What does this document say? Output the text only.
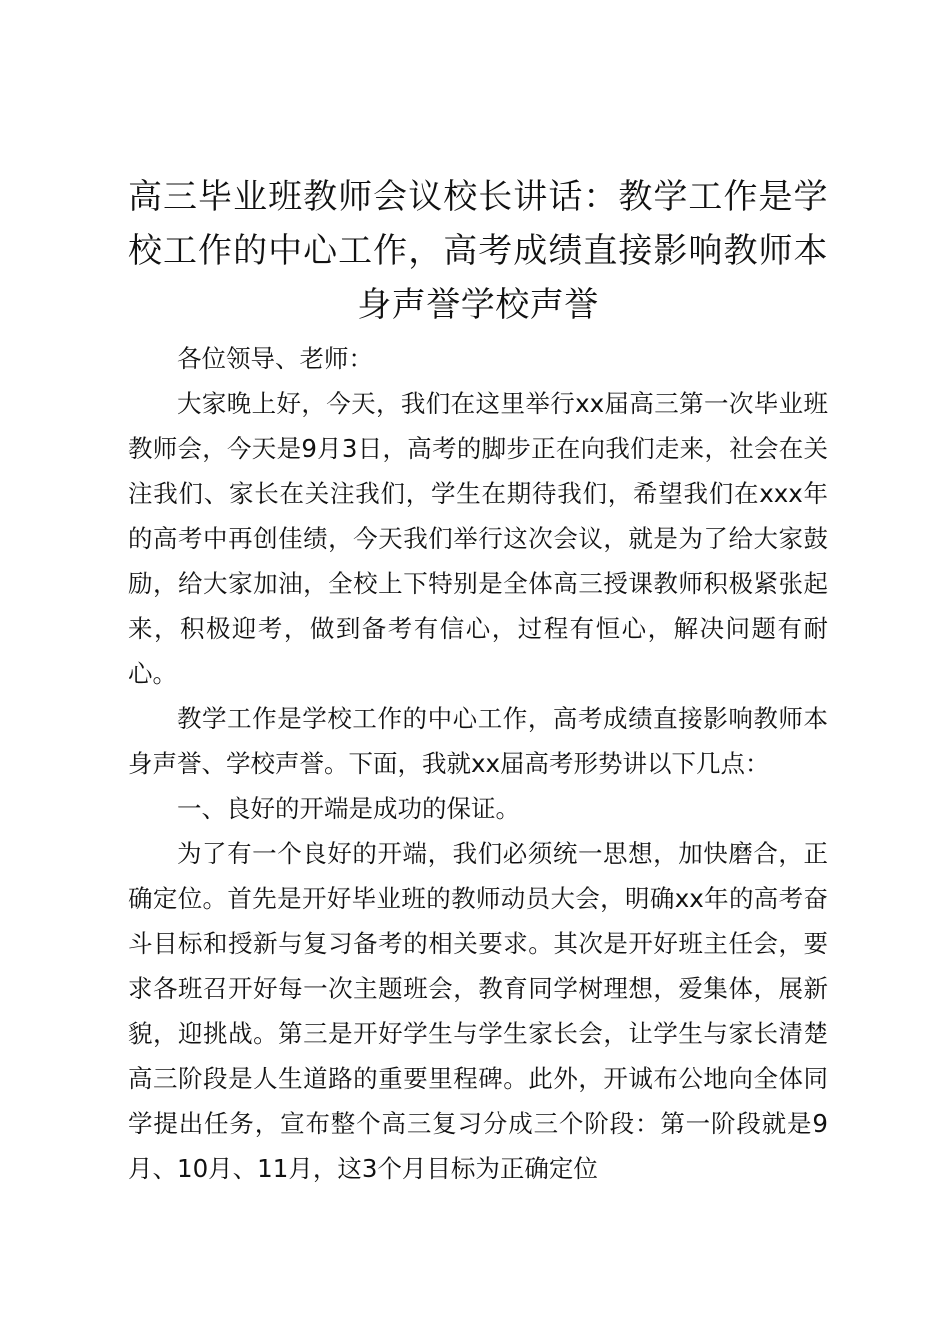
高三毕业班教师会议校长讲话：教学工作是学校工作的中心工作，高考成绩直接影响教师本身声誉学校声誉

各位领导、老师：

大家晚上好，今天，我们在这里举行xx届高三第一次毕业班教师会，今天是9月3日，高考的脚步正在向我们走来，社会在关注我们、家长在关注我们，学生在期待我们，希望我们在xxx年的高考中再创佳绩，今天我们举行这次会议，就是为了给大家鼓励，给大家加油，全校上下特别是全体高三授课教师积极紧张起来，积极迎考，做到备考有信心，过程有恒心，解决问题有耐心。

教学工作是学校工作的中心工作，高考成绩直接影响教师本身声誉、学校声誉。下面，我就xx届高考形势讲以下几点：

一、良好的开端是成功的保证。

为了有一个良好的开端，我们必须统一思想，加快磨合，正确定位。首先是开好毕业班的教师动员大会，明确xx年的高考奋斗目标和授新与复习备考的相关要求。其次是开好班主任会，要求各班召开好每一次主题班会，教育同学树理想，爱集体，展新貌，迎挑战。第三是开好学生与学生家长会，让学生与家长清楚高三阶段是人生道路的重要里程碑。此外，开诚布公地向全体同学提出任务，宣布整个高三复习分成三个阶段：第一阶段就是9月、10月、11月，这3个月目标为正确定位
